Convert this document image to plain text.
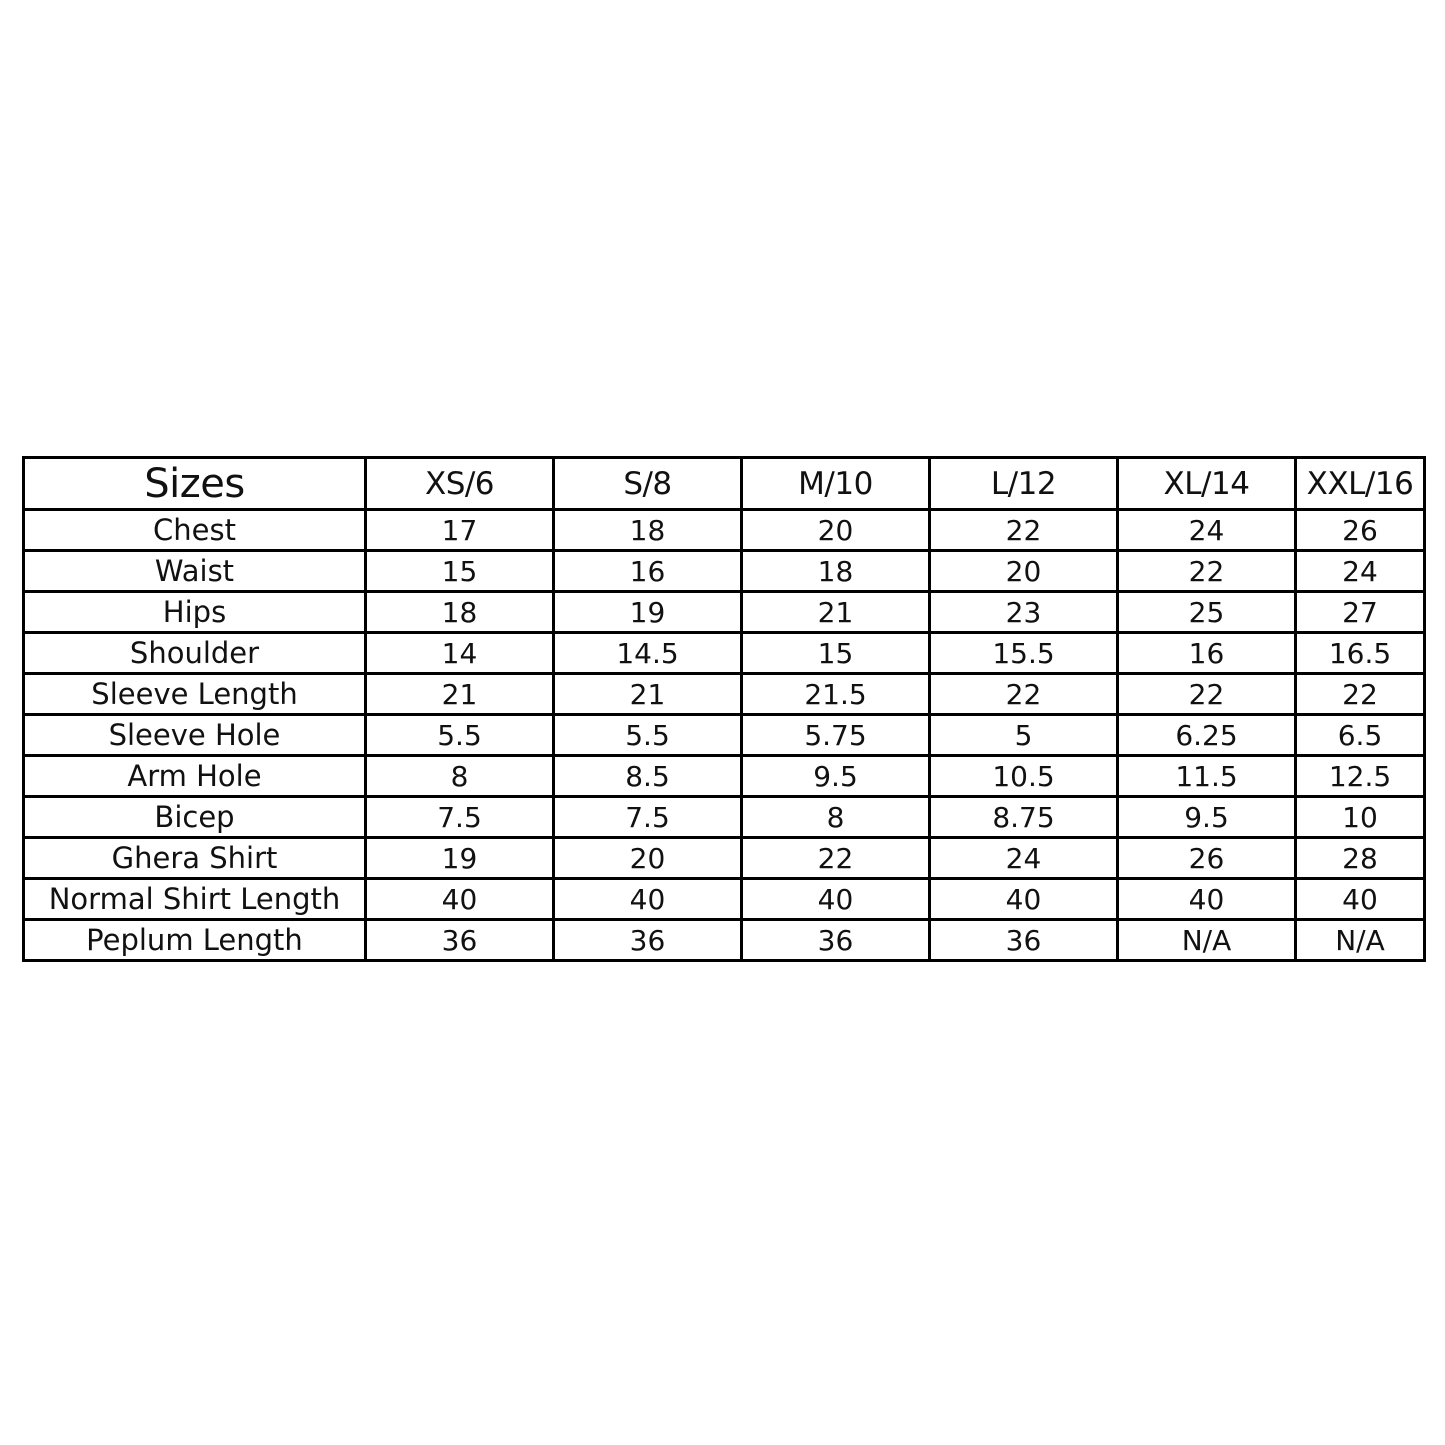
Sizes	XS/6	S/8	M/10	L/12	XL/14	XXL/16
Chest	17	18	20	22	24	26
Waist	15	16	18	20	22	24
Hips	18	19	21	23	25	27
Shoulder	14	14.5	15	15.5	16	16.5
Sleeve Length	21	21	21.5	22	22	22
Sleeve Hole	5.5	5.5	5.75	5	6.25	6.5
Arm Hole	8	8.5	9.5	10.5	11.5	12.5
Bicep	7.5	7.5	8	8.75	9.5	10
Ghera Shirt	19	20	22	24	26	28
Normal Shirt Length	40	40	40	40	40	40
Peplum Length	36	36	36	36	N/A	N/A
